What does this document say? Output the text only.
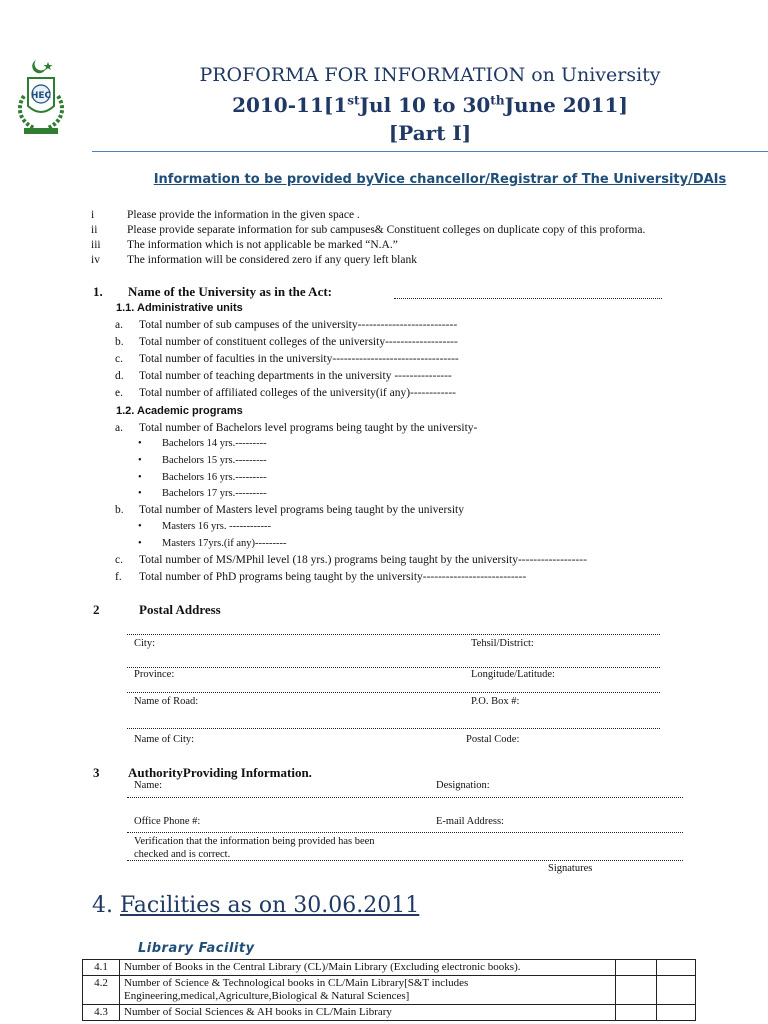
HEC
PROFORMA FOR INFORMATION on University
2010-11[1stJul 10 to 30thJune 2011]
[Part I]
Information to be provided byVice chancellor/Registrar of The University/DAIs
i	Please provide the information in the given space .
ii	Please provide separate information for sub campuses& Constituent colleges on duplicate copy of this proforma.
iii	The information which is not applicable be marked “N.A.”
iv	The information will be considered zero if any query left blank
1. Name of the University as in the Act:
1.1. Administrative units
a.	Total number of sub campuses of the university--------------------------
b.	Total number of constituent colleges of the university-------------------
c.	Total number of faculties in the university---------------------------------
d.	Total number of teaching departments in the university ---------------
e.	Total number of affiliated colleges of the university(if any)------------
1.2. Academic programs
a.	Total number of Bachelors level programs being taught by the university-
• Bachelors 14 yrs.---------
• Bachelors 15 yrs.---------
• Bachelors 16 yrs.---------
• Bachelors 17 yrs.---------
b.	Total number of Masters level programs being taught by the university
• Masters 16 yrs. ------------
• Masters 17yrs.(if any)---------
c.	Total number of MS/MPhil level (18 yrs.) programs being taught by the university------------------
f.	Total number of PhD programs being taught by the university---------------------------
2	Postal Address
City:	Tehsil/District:
Province:	Longitude/Latitude:
Name of Road:	P.O. Box #:
Name of City:	Postal Code:
3 AuthorityProviding Information.
Name:	Designation:
Office Phone #:	E-mail Address:
Verification that the information being provided has been
checked and is correct.
Signatures
4. Facilities as on 30.06.2011
Library Facility
4.1	Number of Books in the Central Library (CL)/Main Library (Excluding electronic books).		
4.2	Number of Science & Technological books in CL/Main Library[S&T includes Engineering,medical,Agriculture,Biological & Natural Sciences]		
4.3	Number of Social Sciences & AH books in CL/Main Library		
